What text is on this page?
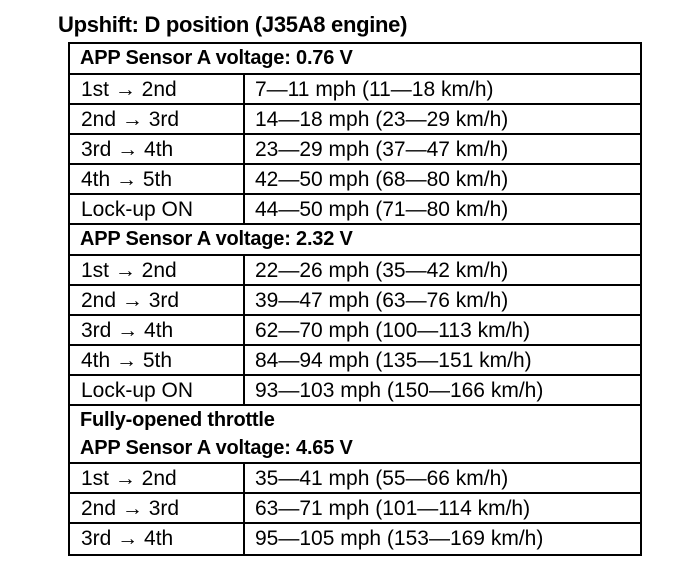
Upshift: D position (J35A8 engine)
APP Sensor A voltage: 0.76 V
1st → 2nd	7—11 mph (11—18 km/h)
2nd → 3rd	14—18 mph (23—29 km/h)
3rd → 4th	23—29 mph (37—47 km/h)
4th → 5th	42—50 mph (68—80 km/h)
Lock-up ON	44—50 mph (71—80 km/h)
APP Sensor A voltage: 2.32 V
1st → 2nd	22—26 mph (35—42 km/h)
2nd → 3rd	39—47 mph (63—76 km/h)
3rd → 4th	62—70 mph (100—113 km/h)
4th → 5th	84—94 mph (135—151 km/h)
Lock-up ON	93—103 mph (150—166 km/h)
Fully-opened throttle
APP Sensor A voltage: 4.65 V
1st → 2nd	35—41 mph (55—66 km/h)
2nd → 3rd	63—71 mph (101—114 km/h)
3rd → 4th	95—105 mph (153—169 km/h)
